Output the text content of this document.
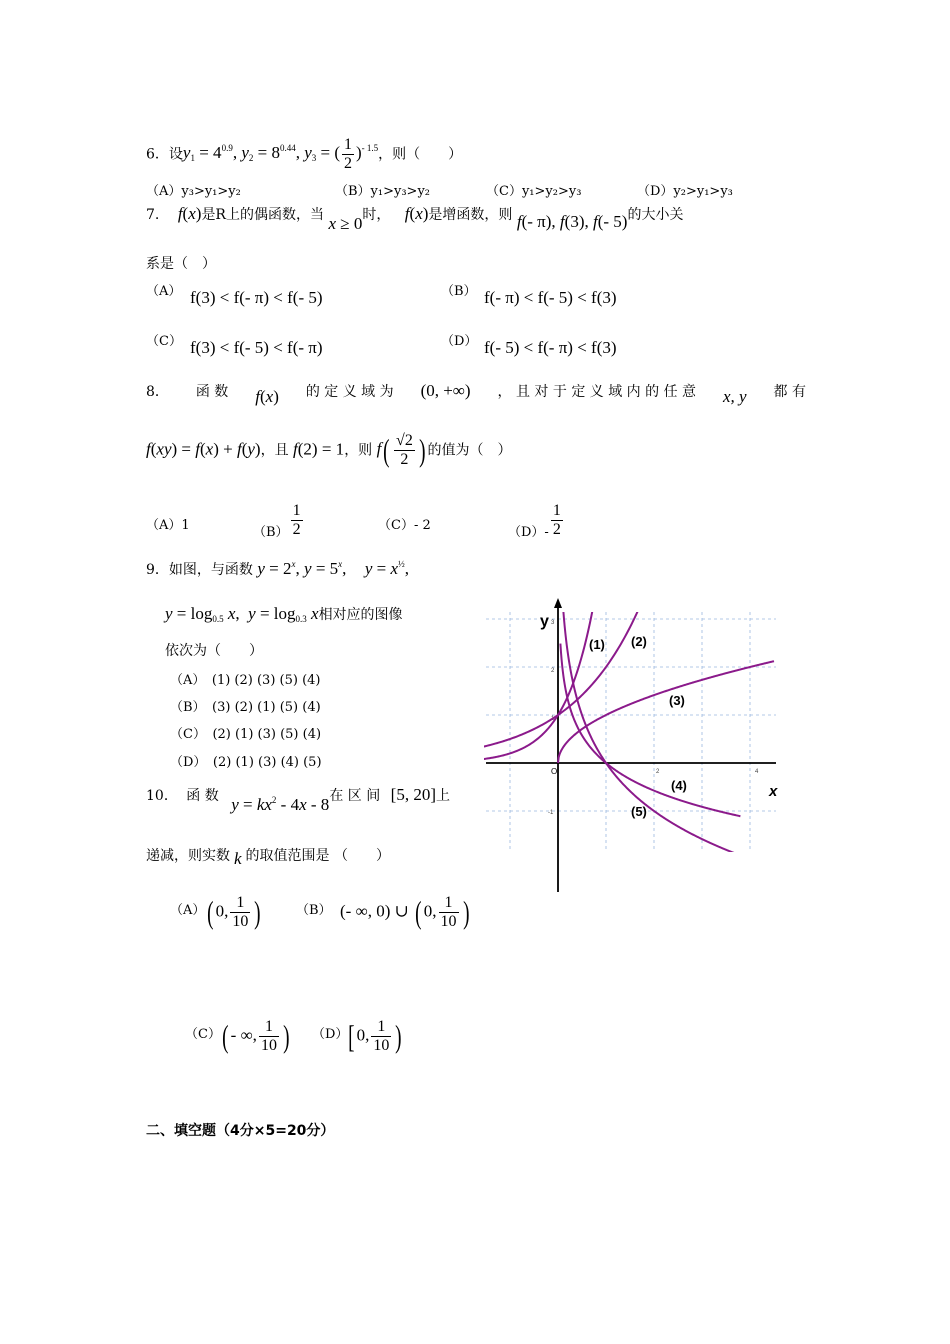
6．设$y_1 = 4^{0.9}$, $y_2 = 8^{0.44}$, $y_3$ = ( $\frac{1}{2} )^{- 1.5}$，则（　　）
（A）y₃>y₁>y₂	（B）y₁>y₃>y₂	（C）y₁>y₂>y₃	（D）y₂>y₁>y₃
7. f(x)是R上的偶函数，当 x ≥ 0时， f(x)是增函数，则 f(- π), f(3), f(- 5)的大小关
系是（　）
（A） f(3) < f(- π) < f(- 5)	（B） f(- π) < f(- 5) < f(3)
（C） f(3) < f(- 5) < f(- π)	（D） f(- 5) < f(- π) < f(3)
8． 函 数 f(x) 的 定 义 域 为 (0, +∞) ， 且 对 于 定 义 域 内 的 任 意 x, y 都 有
f(xy) = f(x) + f(y)，且 f(2) = 1，则 $f( \frac{√2}{2}$ ) 的值为（　）
（A）1	$(B) \frac{1}{2}$	（C）- 2	$(D)- \frac{1}{2}$
9．如图，与函数 $y = 2^x$, $y = 5^x$, $y = x^{\frac{1}{2}}$,
$y = \log_{0.5} x$,  $y = \log_{0.3} x$相对应的图像
依次为（　　）
（A）　(1) (2) (3) (5) (4)
（B）　(3) (2) (1) (5) (4)
（C）　(2) (1) (3) (5) (4)
（D）　(2) (1) (3) (4) (5)
y
x
O
3
2
1
-1
2	4
(1) (2)
(3)
(4)
(5)
10． 函 数 $y = kx^2 - 4x - 8$在 区 间 [5, 20]上
递减，则实数 k 的取值范围是 （　　）
（A） ( 0, $\frac{1}{10}$ )	（B） (- ∞, 0) ∪ ( 0, $\frac{1}{10}$ )
（C） ( - ∞, $\frac{1}{10}$ ) （D） [ 0, $\frac{1}{10}$ )
二、填空题（4分×5=20分）
